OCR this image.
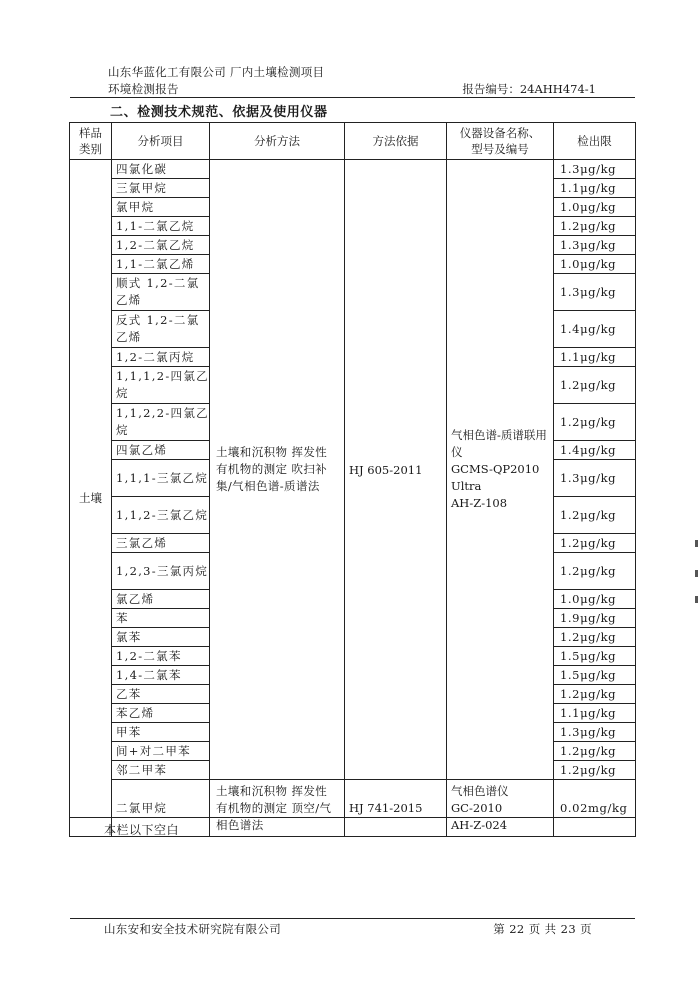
山东华蓝化工有限公司 厂内土壤检测项目
环境检测报告	报告编号：24AHH474-1
二、检测技术规范、依据及使用仪器
样品
类别	分析项目	分析方法	方法依据	仪器设备名称、
型号及编号	检出限
土壤	四氯化碳	土壤和沉积物 挥发性有机物的测定 吹扫补集/气相色谱-质谱法	HJ 605-2011	气相色谱-质谱联用仪
GCMS-QP2010
Ultra
AH-Z-108	1.3μg/kg
	三氯甲烷				1.1μg/kg
	氯甲烷				1.0μg/kg
	1,1-二氯乙烷				1.2μg/kg
	1,2-二氯乙烷				1.3μg/kg
	1,1-二氯乙烯				1.0μg/kg
	顺式 1,2-二氯乙烯				1.3μg/kg
	反式 1,2-二氯乙烯				1.4μg/kg
	1,2-二氯丙烷				1.1μg/kg
	1,1,1,2-四氯乙烷				1.2μg/kg
	1,1,2,2-四氯乙烷				1.2μg/kg
	四氯乙烯				1.4μg/kg
	1,1,1-三氯乙烷				1.3μg/kg
	1,1,2-三氯乙烷				1.2μg/kg
	三氯乙烯				1.2μg/kg
	1,2,3-三氯丙烷				1.2μg/kg
	氯乙烯				1.0μg/kg
	苯				1.9μg/kg
	氯苯				1.2μg/kg
	1,2-二氯苯				1.5μg/kg
	1,4-二氯苯				1.5μg/kg
	乙苯				1.2μg/kg
	苯乙烯				1.1μg/kg
	甲苯				1.3μg/kg
	间+对二甲苯				1.2μg/kg
	邻二甲苯				1.2μg/kg
	二氯甲烷	土壤和沉积物 挥发性有机物的测定 顶空/气相色谱法	HJ 741-2015	气相色谱仪
GC-2010
AH-Z-024	0.02mg/kg
本栏以下空白
山东安和安全技术研究院有限公司	第 22 页 共 23 页
